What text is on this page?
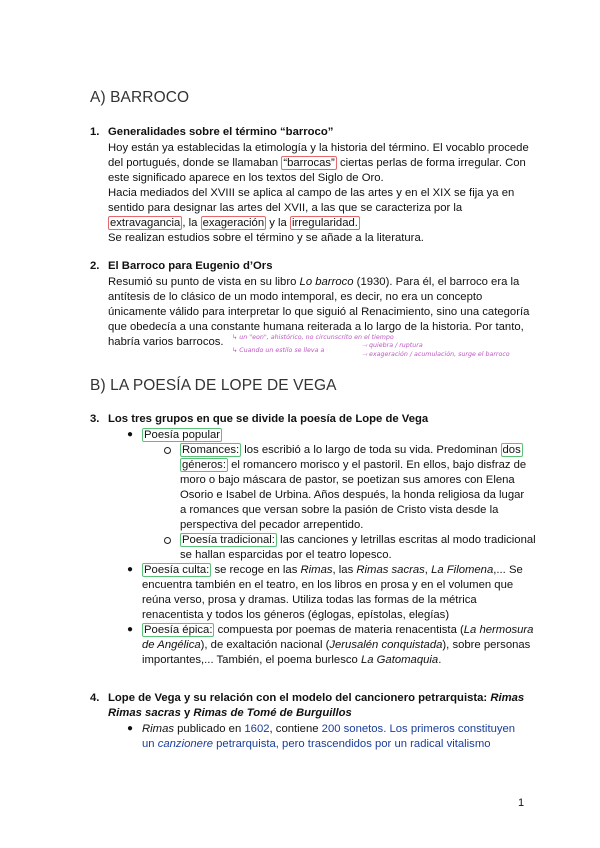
A) BARROCO
1. Generalidades sobre el término “barroco”
Hoy están ya establecidas la etimología y la historia del término. El vocablo procede
del portugués, donde se llamaban “barrocas” ciertas perlas de forma irregular. Con
este significado aparece en los textos del Siglo de Oro.
Hacia mediados del XVIII se aplica al campo de las artes y en el XIX se fija ya en
sentido para designar las artes del XVII, a las que se caracteriza por la
extravagancia , la exageración y la irregularidad.
Se realizan estudios sobre el término y se añade a la literatura.
2. El Barroco para Eugenio d’Ors
Resumió su punto de vista en su libro Lo barroco (1930). Para él, el barroco era la
antítesis de lo clásico de un modo intemporal, es decir, no era un concepto
únicamente válido para interpretar lo que siguió al Renacimiento, sino una categoría
que obedecía a una constante humana reiterada a lo largo de la historia. Por tanto,
habría varios barrocos. ↳ un "eon", ahistórico, no circunscrito en el tiempo
↳ Cuando un estilo se lleva a
⤙ quiebra / ruptura
⤙ exageración / acumulación, surge el barroco
B) LA POESÍA DE LOPE DE VEGA
3. Los tres grupos en que se divide la poesía de Lope de Vega
● Poesía popular
Romances: los escribió a lo largo de toda su vida. Predominan dos
géneros: el romancero morisco y el pastoril. En ellos, bajo disfraz de
moro o bajo máscara de pastor, se poetizan sus amores con Elena
Osorio e Isabel de Urbina. Años después, la honda religiosa da lugar
a romances que versan sobre la pasión de Cristo vista desde la
perspectiva del pecador arrepentido.
Poesía tradicional: las canciones y letrillas escritas al modo tradicional
se hallan esparcidas por el teatro lopesco.
● Poesía culta: se recoge en las Rimas, las Rimas sacras, La Filomena,... Se
encuentra también en el teatro, en los libros en prosa y en el volumen que
reúna verso, prosa y dramas. Utiliza todas las formas de la métrica
renacentista y todos los géneros (églogas, epístolas, elegías)
● Poesía épica: compuesta por poemas de materia renacentista (La hermosura
de Angélica), de exaltación nacional (Jerusalén conquistada), sobre personas
importantes,... También, el poema burlesco La Gatomaquia.
4. Lope de Vega y su relación con el modelo del cancionero petrarquista: Rimas
Rimas sacras y Rimas de Tomé de Burguillos
● Rimas publicado en 1602, contiene 200 sonetos. Los primeros constituyen
un canzionere petrarquista, pero trascendidos por un radical vitalismo
1
